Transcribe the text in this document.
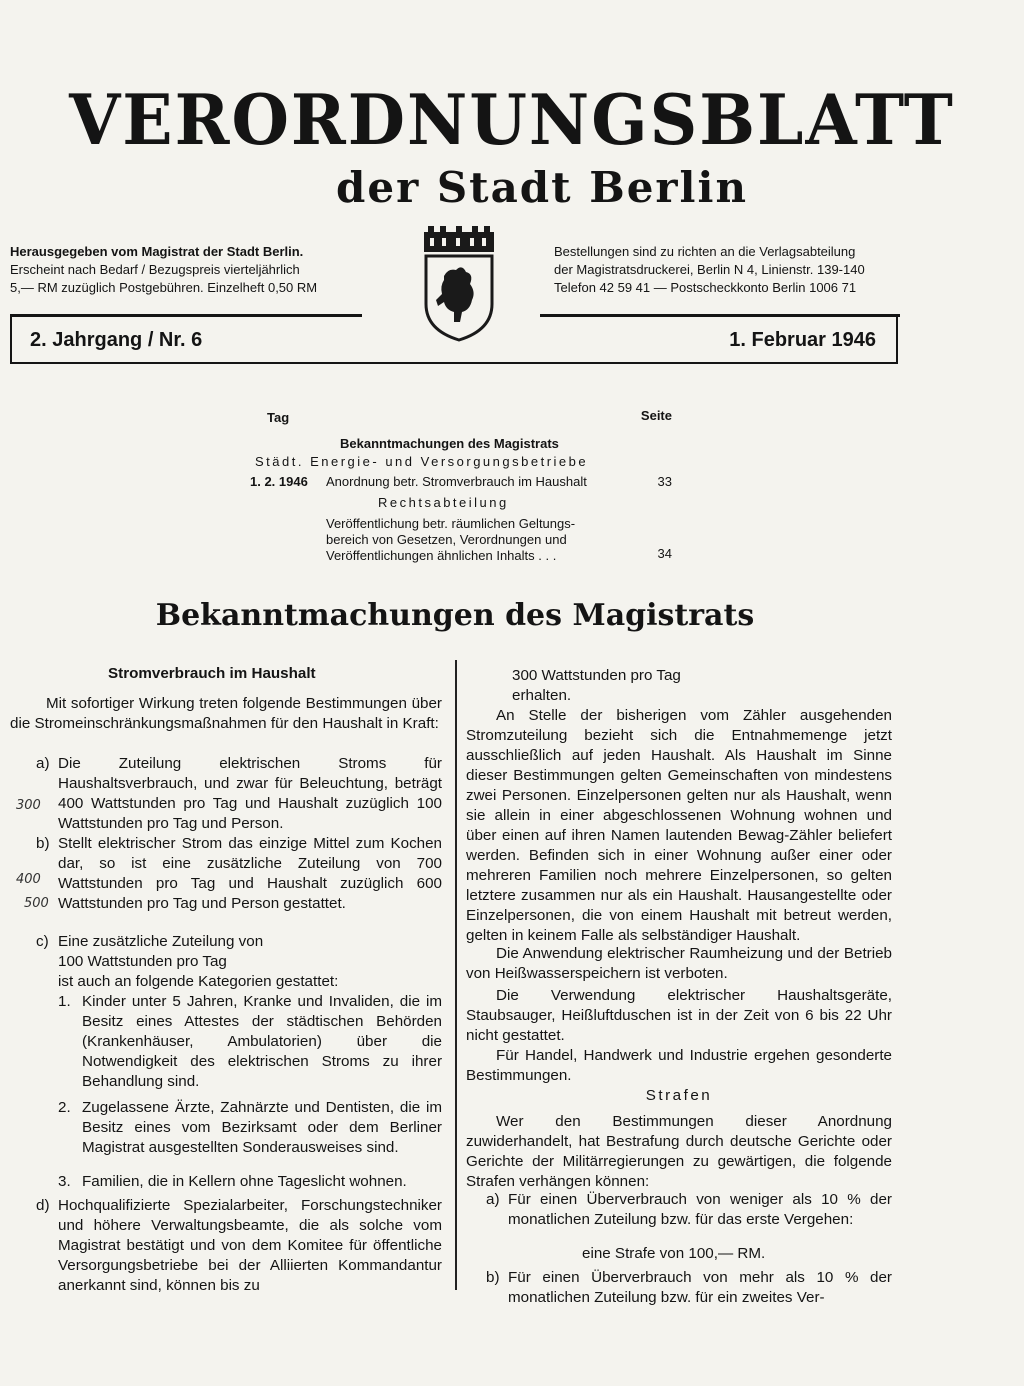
VERORDNUNGSBLATT
der Stadt Berlin
Herausgegeben vom Magistrat der Stadt Berlin.
Erscheint nach Bedarf / Bezugspreis vierteljährlich
5,— RM zuzüglich Postgebühren. Einzelheft 0,50 RM
Bestellungen sind zu richten an die Verlagsabteilung
der Magistratsdruckerei, Berlin N 4, Linienstr. 139-140
Telefon 42 59 41 — Postscheckkonto Berlin 1006 71
2. Jahrgang / Nr. 6	1. Februar 1946
Tag	Seite
Bekanntmachungen des Magistrats
Städt. Energie- und Versorgungsbetriebe
1. 2. 1946 Anordnung betr. Stromverbrauch im Haushalt	33
Rechtsabteilung
Veröffentlichung betr. räumlichen Geltungs-
bereich von Gesetzen, Verordnungen und
Veröffentlichungen ähnlichen Inhalts . . .	34
Bekanntmachungen des Magistrats
Stromverbrauch im Haushalt
Mit sofortiger Wirkung treten folgende Bestimmungen über die Stromeinschränkungsmaßnahmen für den Haushalt in Kraft:
a) Die Zuteilung elektrischen Stroms für Haushaltsverbrauch, und zwar für Beleuchtung, beträgt 400 Wattstunden pro Tag und Haushalt zuzüglich 100 Wattstunden pro Tag und Person.
b) Stellt elektrischer Strom das einzige Mittel zum Kochen dar, so ist eine zusätzliche Zuteilung von 700 Wattstunden pro Tag und Haushalt zuzüglich 600 Wattstunden pro Tag und Person gestattet.
c) Eine zusätzliche Zuteilung von
100 Wattstunden pro Tag
ist auch an folgende Kategorien gestattet:
1. Kinder unter 5 Jahren, Kranke und Invaliden, die im Besitz eines Attestes der städtischen Behörden (Krankenhäuser, Ambulatorien) über die Notwendigkeit des elektrischen Stroms zu ihrer Behandlung sind.
2. Zugelassene Ärzte, Zahnärzte und Dentisten, die im Besitz eines vom Bezirksamt oder dem Berliner Magistrat ausgestellten Sonderausweises sind.
3. Familien, die in Kellern ohne Tageslicht wohnen.
d) Hochqualifizierte Spezialarbeiter, Forschungstechniker und höhere Verwaltungsbeamte, die als solche vom Magistrat bestätigt und von dem Komitee für öffentliche Versorgungsbetriebe bei der Alliierten Kommandantur anerkannt sind, können bis zu
300
400
500
300 Wattstunden pro Tag
erhalten.
An Stelle der bisherigen vom Zähler ausgehenden Stromzuteilung bezieht sich die Entnahmemenge jetzt ausschließlich auf jeden Haushalt. Als Haushalt im Sinne dieser Bestimmungen gelten Gemeinschaften von mindestens zwei Personen. Einzelpersonen gelten nur als Haushalt, wenn sie allein in einer abgeschlossenen Wohnung wohnen und über einen auf ihren Namen lautenden Bewag-Zähler beliefert werden. Befinden sich in einer Wohnung außer einer oder mehreren Familien noch mehrere Einzelpersonen, so gelten letztere zusammen nur als ein Haushalt. Hausangestellte oder Einzelpersonen, die von einem Haushalt mit betreut werden, gelten in keinem Falle als selbständiger Haushalt.
Die Anwendung elektrischer Raumheizung und der Betrieb von Heißwasserspeichern ist verboten.
Die Verwendung elektrischer Haushaltsgeräte, Staubsauger, Heißluftduschen ist in der Zeit von 6 bis 22 Uhr nicht gestattet.
Für Handel, Handwerk und Industrie ergehen gesonderte Bestimmungen.
Strafen
Wer den Bestimmungen dieser Anordnung zuwiderhandelt, hat Bestrafung durch deutsche Gerichte oder Gerichte der Militärregierungen zu gewärtigen, die folgende Strafen verhängen können:
a) Für einen Überverbrauch von weniger als 10 % der monatlichen Zuteilung bzw. für das erste Vergehen:
eine Strafe von 100,— RM.
b) Für einen Überverbrauch von mehr als 10 % der monatlichen Zuteilung bzw. für ein zweites Ver-
